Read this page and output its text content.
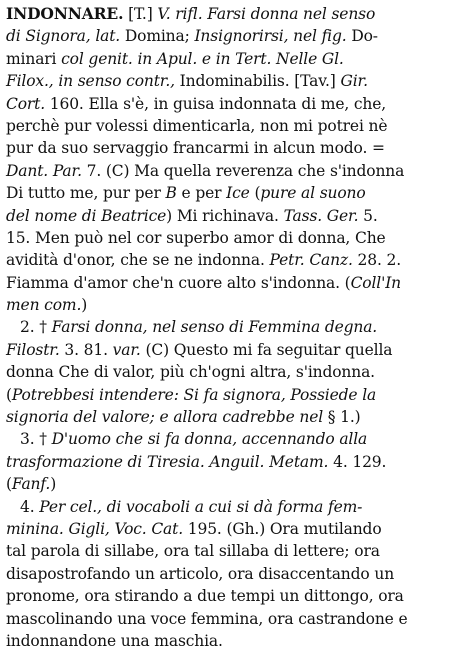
INDONNARE. [T.] V. rifl. Farsi donna nel senso
di Signora, lat. Domina; Insignorirsi, nel fig. Do-
minari col genit. in Apul. e in Tert. Nelle Gl.
Filox., in senso contr., Indominabilis. [Tav.] Gir.
Cort. 160. Ella s'è, in guisa indonnata di me, che,
perchè pur volessi dimenticarla, non mi potrei nè
pur da suo servaggio francarmi in alcun modo. =
Dant. Par. 7. (C) Ma quella reverenza che s'indonna
Di tutto me, pur per B e per Ice (pure al suono
del nome di Beatrice) Mi richinava. Tass. Ger. 5.
15. Men può nel cor superbo amor di donna, Che
avidità d'onor, che se ne indonna. Petr. Canz. 28. 2.
Fiamma d'amor che'n cuore alto s'indonna. (Coll'In
men com.)
2. † Farsi donna, nel senso di Femmina degna.
Filostr. 3. 81. var. (C) Questo mi fa seguitar quella
donna Che di valor, più ch'ogni altra, s'indonna.
(Potrebbesi intendere: Si fa signora, Possiede la
signoria del valore; e allora cadrebbe nel § 1.)
3. † D'uomo che si fa donna, accennando alla
trasformazione di Tiresia. Anguil. Metam. 4. 129.
(Fanf.)
4. Per cel., di vocaboli a cui si dà forma fem-
minina. Gigli, Voc. Cat. 195. (Gh.) Ora mutilando
tal parola di sillabe, ora tal sillaba di lettere; ora
disapostrofando un articolo, ora disaccentando un
pronome, ora stirando a due tempi un dittongo, ora
mascolinando una voce femmina, ora castrandone e
indonnandone una maschia.
